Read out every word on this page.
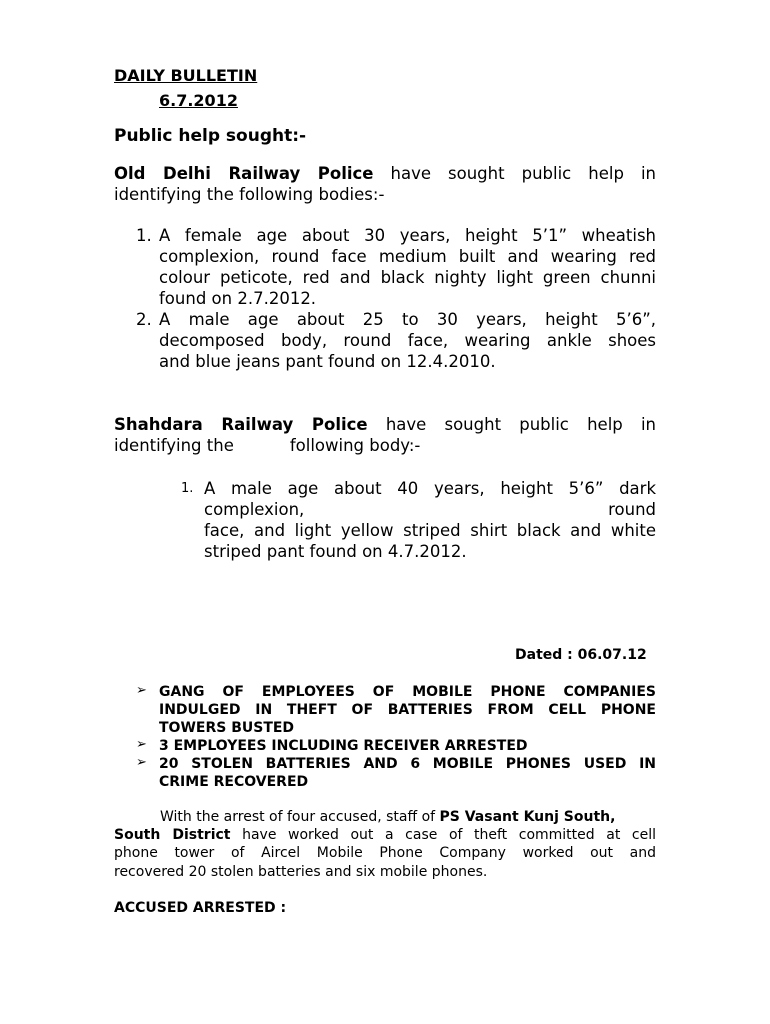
DAILY BULLETIN
6.7.2012
Public help sought:-
Old Delhi Railway Police have sought public help in
identifying the following bodies:-
1. A female age about 30 years, height 5’1” wheatish
complexion, round face medium built and wearing red
colour peticote, red and black nighty light green chunni
found on 2.7.2012.
2. A male age about 25 to 30 years, height 5’6”,
decomposed body, round face, wearing ankle shoes
and blue jeans pant found on 12.4.2010.
Shahdara Railway Police have sought public help in
identifying the	following body:-
1. A male age about 40 years, height 5’6” dark
complexion,	round
face, and light yellow striped shirt black and white
striped pant found on 4.7.2012.
Dated : 06.07.12
➢ GANG OF EMPLOYEES OF MOBILE PHONE COMPANIES
INDULGED IN THEFT OF BATTERIES FROM CELL PHONE
TOWERS BUSTED
➢ 3 EMPLOYEES INCLUDING RECEIVER ARRESTED
➢ 20 STOLEN BATTERIES AND 6 MOBILE PHONES USED IN
CRIME RECOVERED
With the arrest of four accused, staff of PS Vasant Kunj South,
South District have worked out a case of theft committed at cell
phone tower of Aircel Mobile Phone Company worked out and
recovered 20 stolen batteries and six mobile phones.
ACCUSED ARRESTED :
